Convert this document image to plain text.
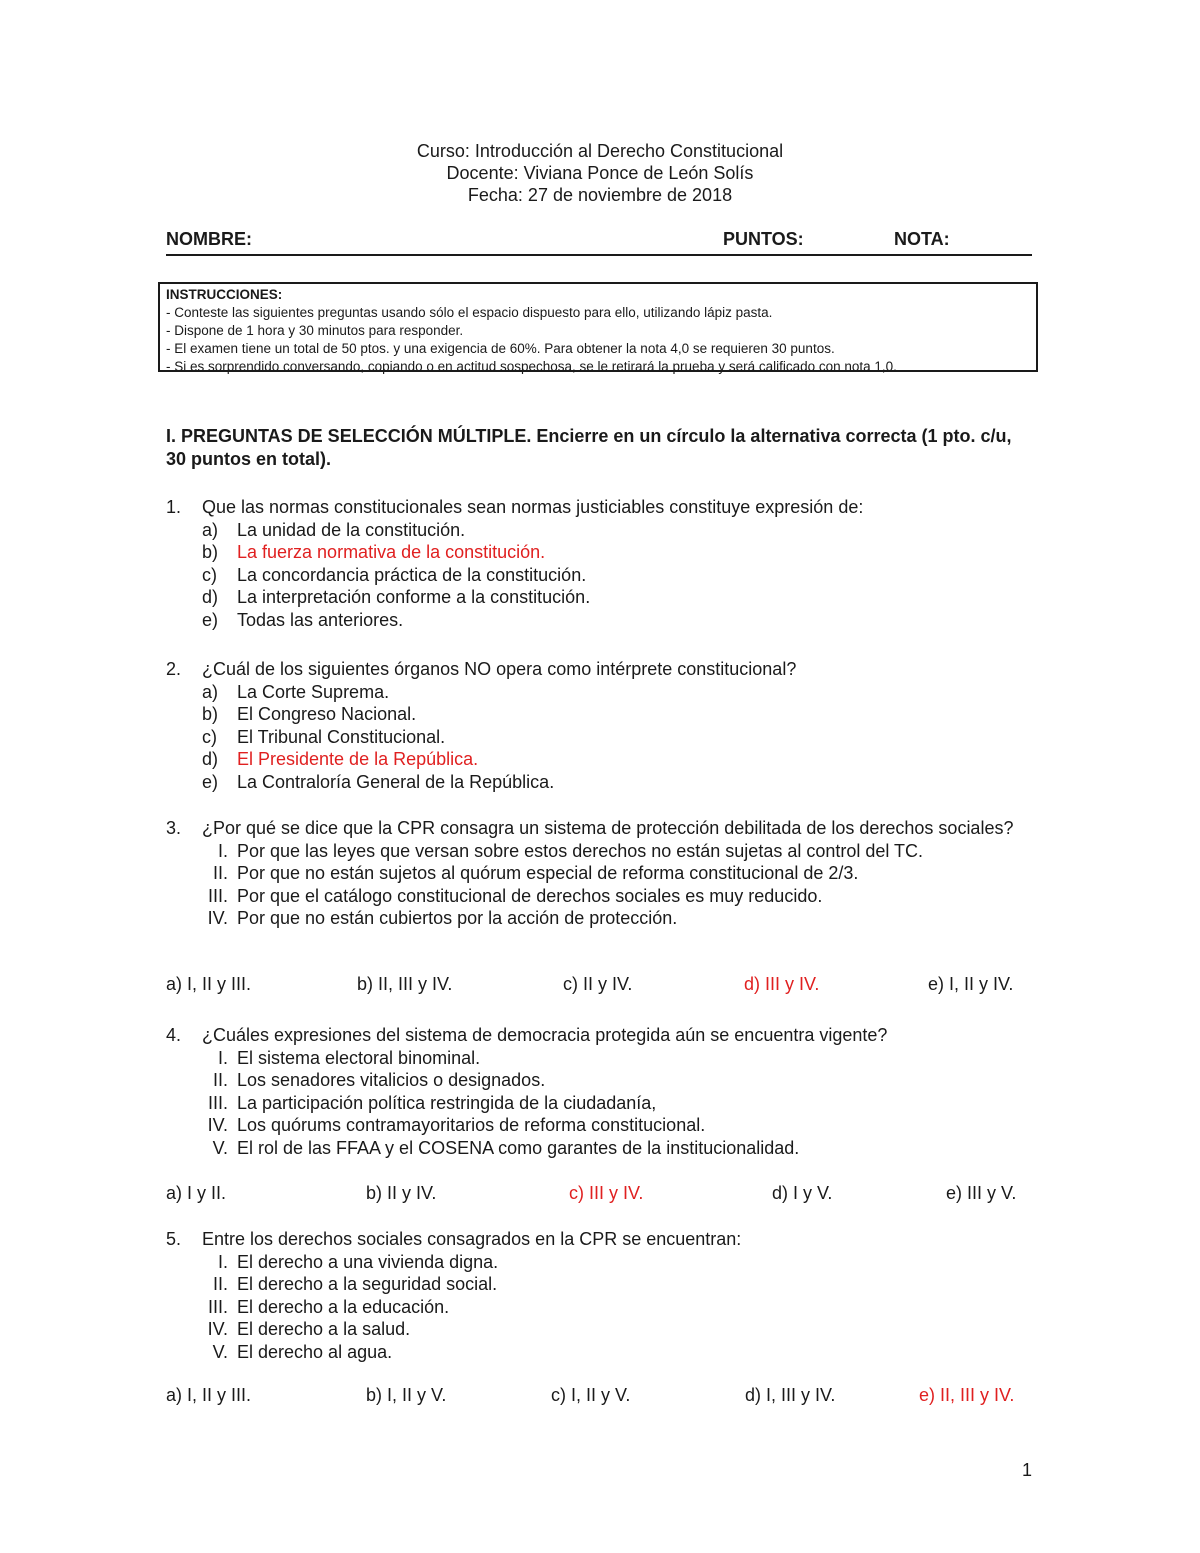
Curso: Introducción al Derecho Constitucional
Docente: Viviana Ponce de León Solís
Fecha: 27 de noviembre de 2018
NOMBRE:	PUNTOS:	NOTA:
INSTRUCCIONES:
- Conteste las siguientes preguntas usando sólo el espacio dispuesto para ello, utilizando lápiz pasta.
- Dispone de 1 hora y 30 minutos para responder.
- El examen tiene un total de 50 ptos. y una exigencia de 60%. Para obtener la nota 4,0 se requieren 30 puntos.
- Si es sorprendido conversando, copiando o en actitud sospechosa, se le retirará la prueba y será calificado con nota 1,0.
I. PREGUNTAS DE SELECCIÓN MÚLTIPLE. Encierre en un círculo la alternativa correcta (1 pto. c/u, 30 puntos en total).
1. Que las normas constitucionales sean normas justiciables constituye expresión de:
a) La unidad de la constitución.
b) La fuerza normativa de la constitución.
c) La concordancia práctica de la constitución.
d) La interpretación conforme a la constitución.
e) Todas las anteriores.
2. ¿Cuál de los siguientes órganos NO opera como intérprete constitucional?
a) La Corte Suprema.
b) El Congreso Nacional.
c) El Tribunal Constitucional.
d) El Presidente de la República.
e) La Contraloría General de la República.
3. ¿Por qué se dice que la CPR consagra un sistema de protección debilitada de los derechos sociales?
I. Por que las leyes que versan sobre estos derechos no están sujetas al control del TC.
II. Por que no están sujetos al quórum especial de reforma constitucional de 2/3.
III. Por que el catálogo constitucional de derechos sociales es muy reducido.
IV. Por que no están cubiertos por la acción de protección.
a) I, II y III.	b) II, III y IV.	c) II y IV.	d) III y IV.	e) I, II y IV.
4. ¿Cuáles expresiones del sistema de democracia protegida aún se encuentra vigente?
I. El sistema electoral binominal.
II. Los senadores vitalicios o designados.
III. La participación política restringida de la ciudadanía,
IV. Los quórums contramayoritarios de reforma constitucional.
V. El rol de las FFAA y el COSENA como garantes de la institucionalidad.
a) I y II.	b) II y IV.	c) III y IV.	d) I y V.	e) III y V.
5. Entre los derechos sociales consagrados en la CPR se encuentran:
I. El derecho a una vivienda digna.
II. El derecho a la seguridad social.
III. El derecho a la educación.
IV. El derecho a la salud.
V. El derecho al agua.
a) I, II y III.	b) I, II y V.	c) I, II y V.	d) I, III y IV.	e) II, III y IV.
1
